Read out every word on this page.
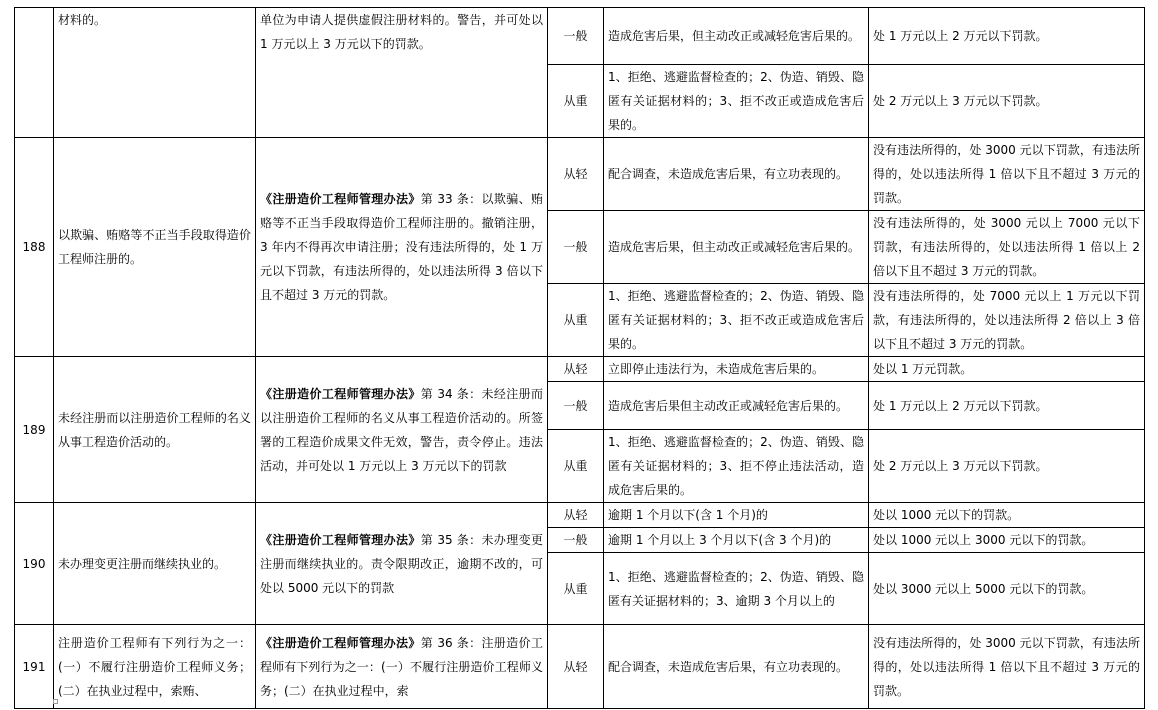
	材料的。	单位为申请人提供虚假注册材料的。警告，并可处以 1 万元以上 3 万元以下的罚款。	一般	造成危害后果，但主动改正或减轻危害后果的。	处 1 万元以上 2 万元以下罚款。
			从重	1、拒绝、逃避监督检查的；2、伪造、销毁、隐匿有关证据材料的；3、拒不改正或造成危害后果的。	处 2 万元以上 3 万元以下罚款。
188	以欺骗、贿赂等不正当手段取得造价工程师注册的。	《注册造价工程师管理办法》第 33 条：以欺骗、贿赂等不正当手段取得造价工程师注册的。撤销注册，3 年内不得再次申请注册；没有违法所得的，处 1 万元以下罚款，有违法所得的，处以违法所得 3 倍以下且不超过 3 万元的罚款。	从轻	配合调查，未造成危害后果，有立功表现的。	没有违法所得的，处 3000 元以下罚款，有违法所得的，处以违法所得 1 倍以下且不超过 3 万元的罚款。
			一般	造成危害后果，但主动改正或减轻危害后果的。	没有违法所得的，处 3000 元以上 7000 元以下罚款，有违法所得的，处以违法所得 1 倍以上 2 倍以下且不超过 3 万元的罚款。
			从重	1、拒绝、逃避监督检查的；2、伪造、销毁、隐匿有关证据材料的；3、拒不改正或造成危害后果的。	没有违法所得的，处 7000 元以上 1 万元以下罚款，有违法所得的，处以违法所得 2 倍以上 3 倍以下且不超过 3 万元的罚款。
189	未经注册而以注册造价工程师的名义从事工程造价活动的。	《注册造价工程师管理办法》第 34 条：未经注册而以注册造价工程师的名义从事工程造价活动的。所签署的工程造价成果文件无效，警告，责令停止。违法活动，并可处以 1 万元以上 3 万元以下的罚款	从轻	立即停止违法行为，未造成危害后果的。	处以 1 万元罚款。
			一般	造成危害后果但主动改正或减轻危害后果的。	处 1 万元以上 2 万元以下罚款。
			从重	1、拒绝、逃避监督检查的；2、伪造、销毁、隐匿有关证据材料的；3、拒不停止违法活动，造成危害后果的。	处 2 万元以上 3 万元以下罚款。
190	未办理变更注册而继续执业的。	《注册造价工程师管理办法》第 35 条：未办理变更注册而继续执业的。责令限期改正，逾期不改的，可处以 5000 元以下的罚款	从轻	逾期 1 个月以下(含 1 个月)的	处以 1000 元以下的罚款。
			一般	逾期 1 个月以上 3 个月以下(含 3 个月)的	处以 1000 元以上 3000 元以下的罚款。
			从重	1、拒绝、逃避监督检查的；2、伪造、销毁、隐匿有关证据材料的；3、逾期 3 个月以上的	处以 3000 元以上 5000 元以下的罚款。
191	注册造价工程师有下列行为之一：(一）不履行注册造价工程师义务；(二）在执业过程中，索贿、	《注册造价工程师管理办法》第 36 条：注册造价工程师有下列行为之一：(一）不履行注册造价工程师义务；(二）在执业过程中，索	从轻	配合调查，未造成危害后果，有立功表现的。	没有违法所得的，处 3000 元以下罚款，有违法所得的，处以违法所得 1 倍以下且不超过 3 万元的罚款。
